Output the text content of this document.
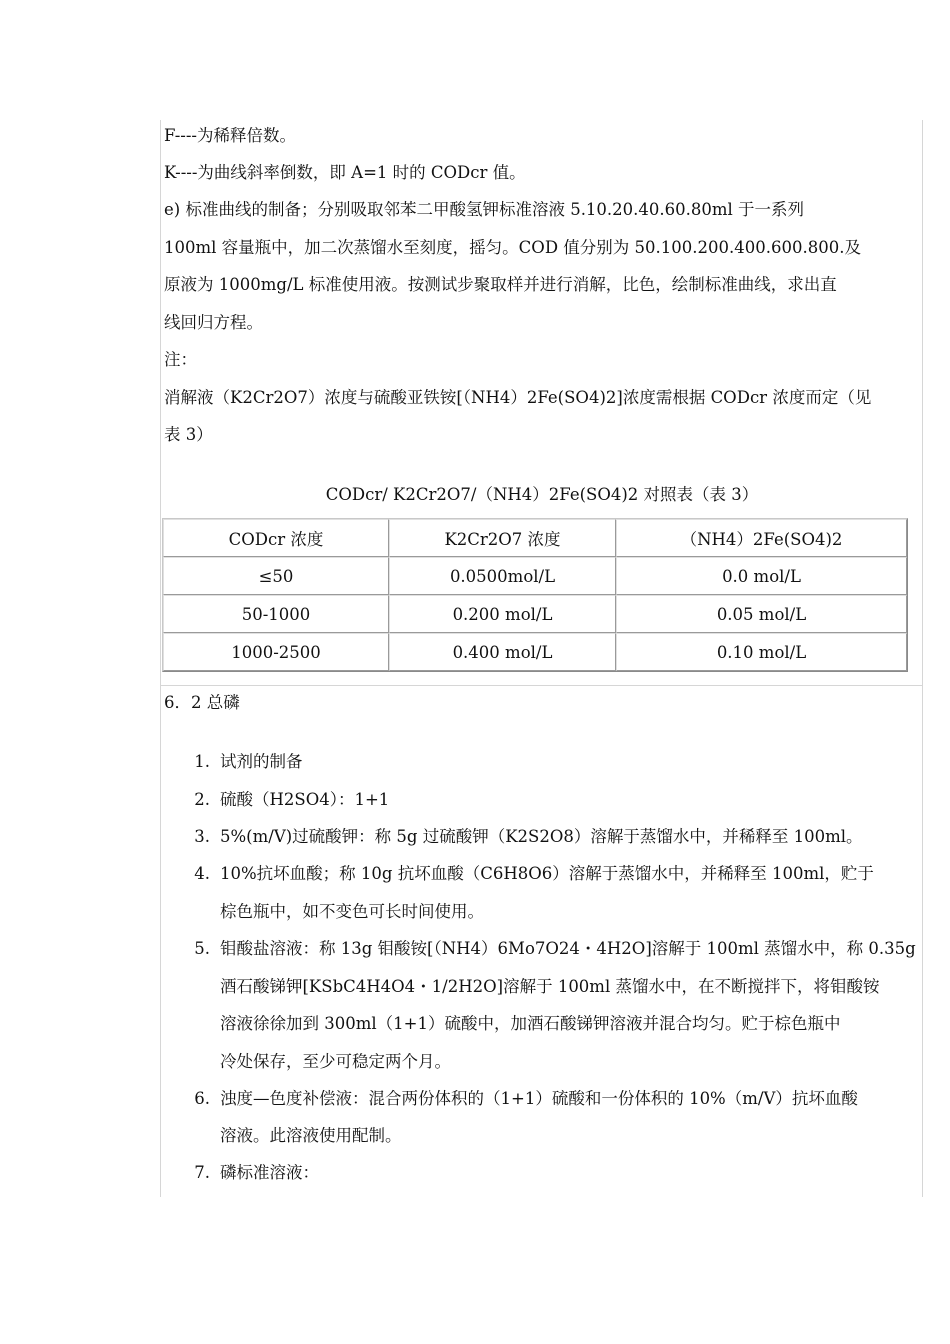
F----为稀释倍数。
K----为曲线斜率倒数，即 A=1 时的 CODcr 值。
e) 标准曲线的制备；分别吸取邻苯二甲酸氢钾标准溶液 5.10.20.40.60.80ml 于一系列
100ml 容量瓶中，加二次蒸馏水至刻度，摇匀。COD 值分别为 50.100.200.400.600.800.及
原液为 1000mg/L 标准使用液。按测试步聚取样并进行消解，比色，绘制标准曲线，求出直
线回归方程。
注：
消解液（K2Cr2O7）浓度与硫酸亚铁铵[（NH4）2Fe(SO4)2]浓度需根据 CODcr 浓度而定（见
表 3）
CODcr/ K2Cr2O7/（NH4）2Fe(SO4)2 对照表（表 3）
CODcr 浓度	K2Cr2O7 浓度	（NH4）2Fe(SO4)2
≤50	0.0500mol/L	0.0 mol/L
50-1000	0.200 mol/L	0.05 mol/L
1000-2500	0.400 mol/L	0.10 mol/L
6．2 总磷
1. 试剂的制备
2. 硫酸（H2SO4）：1+1
3. 5%(m/V)过硫酸钾：称 5g 过硫酸钾（K2S2O8）溶解于蒸馏水中，并稀释至 100ml。
4. 10%抗坏血酸；称 10g 抗坏血酸（C6H8O6）溶解于蒸馏水中，并稀释至 100ml，贮于
棕色瓶中，如不变色可长时间使用。
5. 钼酸盐溶液：称 13g 钼酸铵[（NH4）6Mo7O24・4H2O]溶解于 100ml 蒸馏水中，称 0.35g
酒石酸锑钾[KSbC4H4O4・1/2H2O]溶解于 100ml 蒸馏水中，在不断搅拌下，将钼酸铵
溶液徐徐加到 300ml（1+1）硫酸中，加酒石酸锑钾溶液并混合均匀。贮于棕色瓶中
冷处保存，至少可稳定两个月。
6. 浊度—色度补偿液：混合两份体积的（1+1）硫酸和一份体积的 10%（m/V）抗坏血酸
溶液。此溶液使用配制。
7. 磷标准溶液：
